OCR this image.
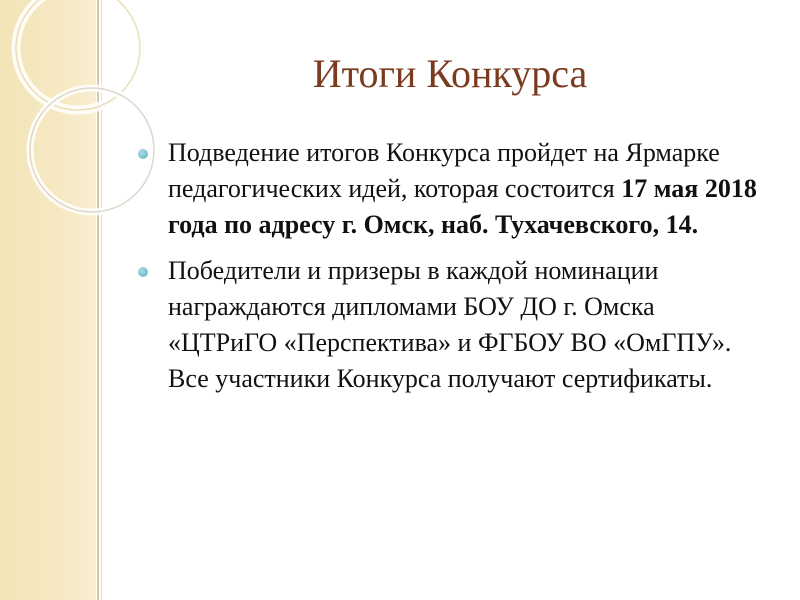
Итоги Конкурса
Подведение итогов Конкурса пройдет на Ярмарке педагогических идей, которая состоится 17 мая 2018 года по адресу г. Омск, наб. Тухачевского, 14.
Победители и призеры в каждой номинации награждаются дипломами БОУ ДО г. Омска «ЦТРиГО «Перспектива» и ФГБОУ ВО «ОмГПУ». Все участники Конкурса получают сертификаты.
